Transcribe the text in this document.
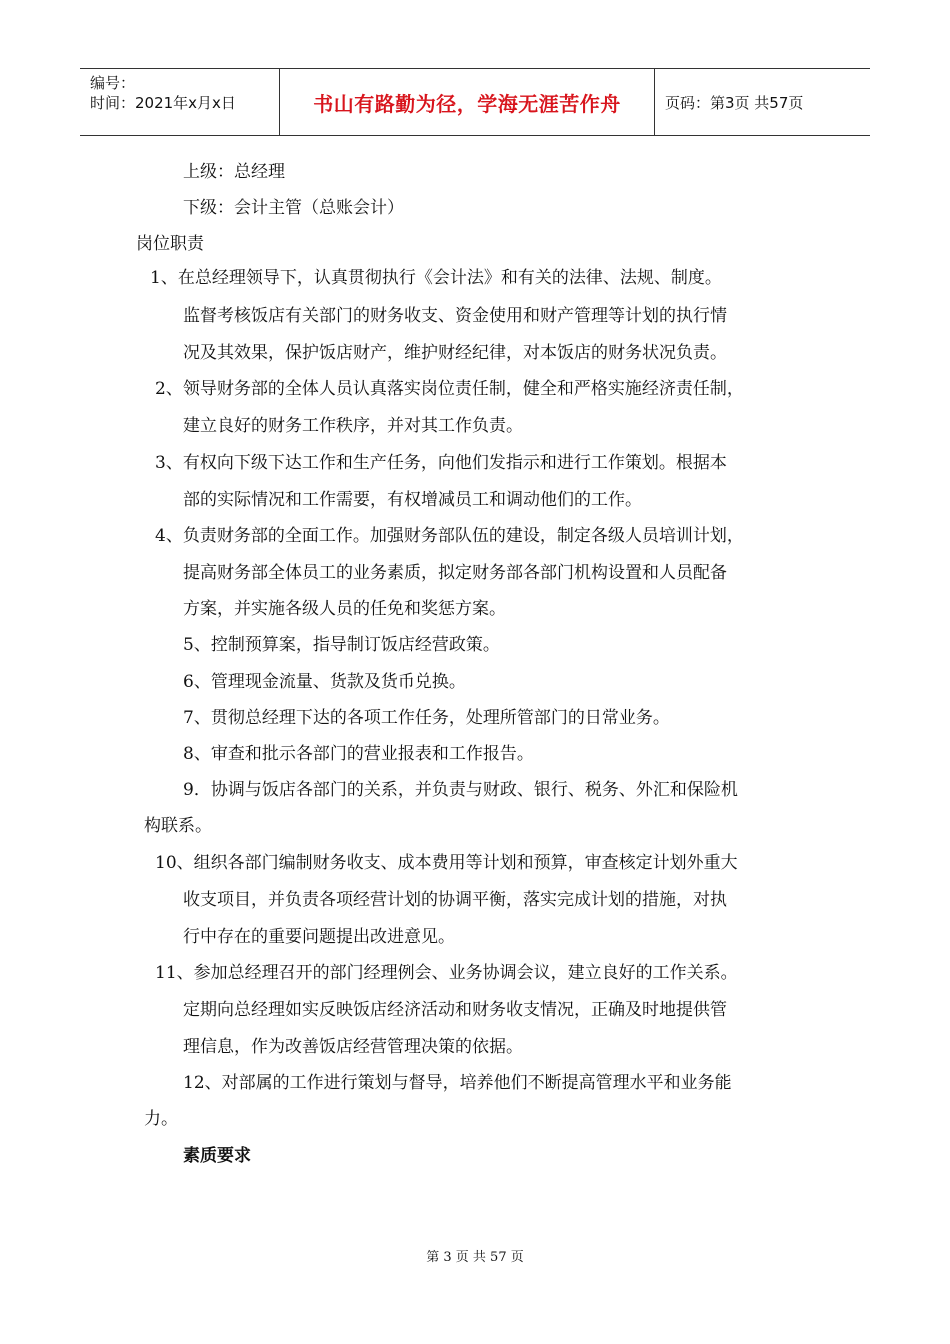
编号：
时间：2021年x月x日	书山有路勤为径，学海无涯苦作舟	页码：第3页 共57页
上级：总经理
下级：会计主管（总账会计）
岗位职责
1、在总经理领导下，认真贯彻执行《会计法》和有关的法律、法规、制度。
监督考核饭店有关部门的财务收支、资金使用和财产管理等计划的执行情
况及其效果，保护饭店财产，维护财经纪律，对本饭店的财务状况负责。
2、领导财务部的全体人员认真落实岗位责任制，健全和严格实施经济责任制，
建立良好的财务工作秩序，并对其工作负责。
3、有权向下级下达工作和生产任务，向他们发指示和进行工作策划。根据本
部的实际情况和工作需要，有权增减员工和调动他们的工作。
4、负责财务部的全面工作。加强财务部队伍的建设，制定各级人员培训计划，
提高财务部全体员工的业务素质，拟定财务部各部门机构设置和人员配备
方案，并实施各级人员的任免和奖惩方案。
5、控制预算案，指导制订饭店经营政策。
6、管理现金流量、货款及货币兑换。
7、贯彻总经理下达的各项工作任务，处理所管部门的日常业务。
8、审查和批示各部门的营业报表和工作报告。
9．协调与饭店各部门的关系，并负责与财政、银行、税务、外汇和保险机
构联系。
10、组织各部门编制财务收支、成本费用等计划和预算，审查核定计划外重大
收支项目，并负责各项经营计划的协调平衡，落实完成计划的措施，对执
行中存在的重要问题提出改进意见。
11、参加总经理召开的部门经理例会、业务协调会议，建立良好的工作关系。
定期向总经理如实反映饭店经济活动和财务收支情况，正确及时地提供管
理信息，作为改善饭店经营管理决策的依据。
12、对部属的工作进行策划与督导，培养他们不断提高管理水平和业务能
力。
素质要求
第 3 页 共 57 页
